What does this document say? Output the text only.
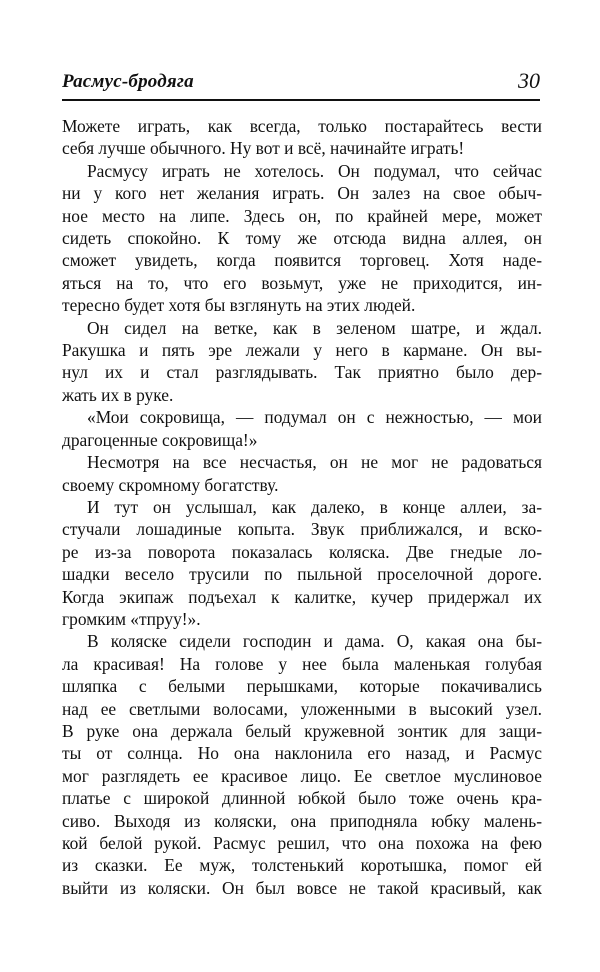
Расмус-бродяга	30
Можете играть, как всегда, только постарайтесь вести
себя лучше обычного. Ну вот и всё, начинайте играть!
Расмусу играть не хотелось. Он подумал, что сейчас
ни у кого нет желания играть. Он залез на свое обыч-
ное место на липе. Здесь он, по крайней мере, может
сидеть спокойно. К тому же отсюда видна аллея, он
сможет увидеть, когда появится торговец. Хотя наде-
яться на то, что его возьмут, уже не приходится, ин-
тересно будет хотя бы взглянуть на этих людей.
Он сидел на ветке, как в зеленом шатре, и ждал.
Ракушка и пять эре лежали у него в кармане. Он вы-
нул их и стал разглядывать. Так приятно было дер-
жать их в руке.
«Мои сокровища, — подумал он с нежностью, — мои
драгоценные сокровища!»
Несмотря на все несчастья, он не мог не радоваться
своему скромному богатству.
И тут он услышал, как далеко, в конце аллеи, за-
стучали лошадиные копыта. Звук приближался, и вско-
ре из-за поворота показалась коляска. Две гнедые ло-
шадки весело трусили по пыльной проселочной дороге.
Когда экипаж подъехал к калитке, кучер придержал их
громким «тпруу!».
В коляске сидели господин и дама. О, какая она бы-
ла красивая! На голове у нее была маленькая голубая
шляпка с белыми перышками, которые покачивались
над ее светлыми волосами, уложенными в высокий узел.
В руке она держала белый кружевной зонтик для защи-
ты от солнца. Но она наклонила его назад, и Расмус
мог разглядеть ее красивое лицо. Ее светлое муслиновое
платье с широкой длинной юбкой было тоже очень кра-
сиво. Выходя из коляски, она приподняла юбку малень-
кой белой рукой. Расмус решил, что она похожа на фею
из сказки. Ее муж, толстенький коротышка, помог ей
выйти из коляски. Он был вовсе не такой красивый, как
